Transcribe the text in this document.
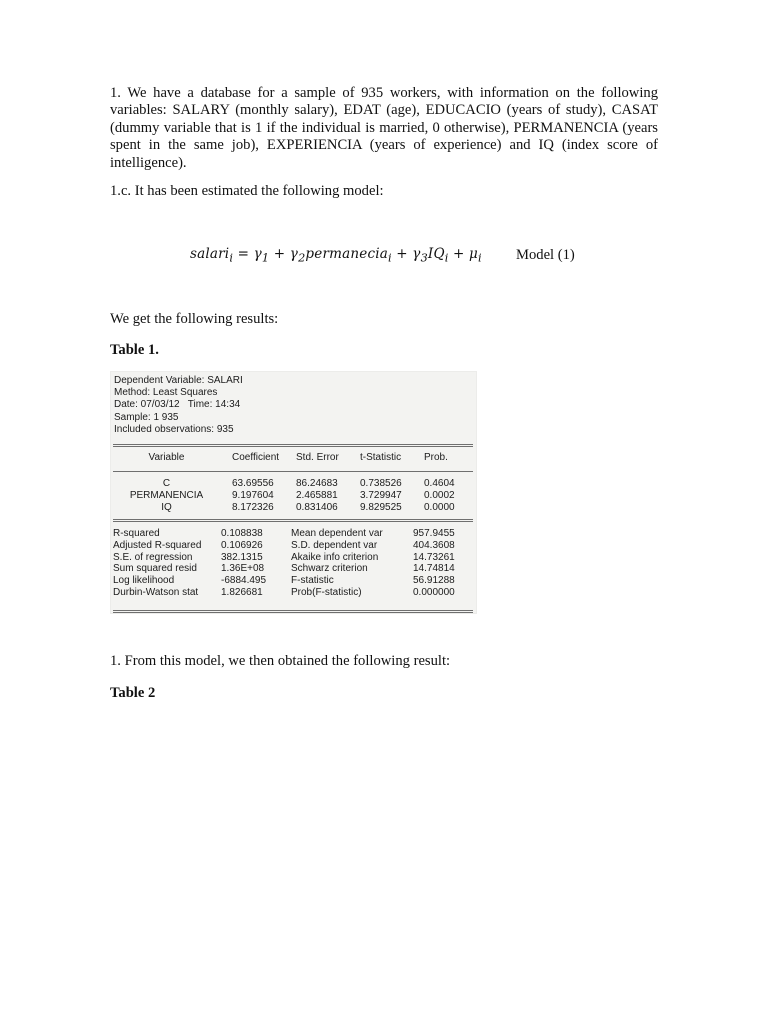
1. We have a database for a sample of 935 workers, with information on the following variables: SALARY (monthly salary), EDAT (age), EDUCACIO (years of study), CASAT (dummy variable that is 1 if the individual is married, 0 otherwise), PERMANENCIA (years spent in the same job), EXPERIENCIA (years of experience) and IQ (index score of intelligence).

1.c. It has been estimated the following model:

salari$_i$ = $\gamma_1$ + $\gamma_2permanecia_i + \gamma_3IQ_i + \mu_i$ Model (1)

We get the following results:

Table 1.
Dependent Variable: SALARI
Method: Least Squares
Date: 07/03/12   Time: 14:34
Sample: 1 935
Included observations: 935
Variable	Coefficient	Std. Error	t-Statistic	Prob.
C	63.69556	86.24683	0.738526	0.4604
PERMANENCIA	9.197604	2.465881	3.729947	0.0002
IQ	8.172326	0.831406	9.829525	0.0000
R-squared	0.108838	Mean dependent var	957.9455
Adjusted R-squared	0.106926	S.D. dependent var	404.3608
S.E. of regression	382.1315	Akaike info criterion	14.73261
Sum squared resid	1.36E+08	Schwarz criterion	14.74814
Log likelihood	-6884.495	F-statistic	56.91288
Durbin-Watson stat	1.826681	Prob(F-statistic)	0.000000

1. From this model, we then obtained the following result:

Table 2
